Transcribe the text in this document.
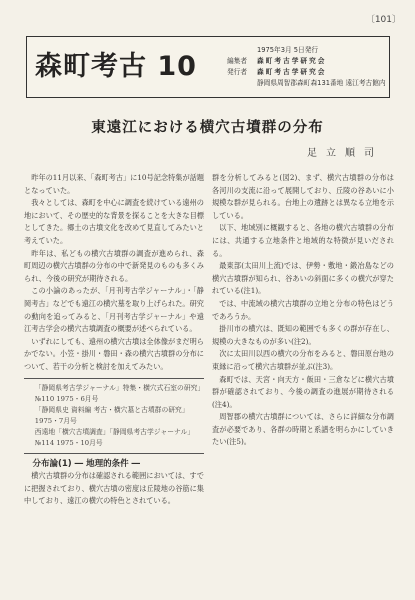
〔101〕
森町考古 10
1975年3月 5日発行
編集者 森町考古学研究会
発行者 森町考古学研究会
静岡県周智郡森町森131番地 遠江考古館内
東遠江における横穴古墳群の分布
足立順司

昨年の11月以来、「森町考古」に10号記念特集が話題となっていた。

我々としては、森町を中心に調査を続けている遠州の地において、その歴史的な背景を探ることを大きな目標としてきた。郷土の古墳文化を改めて見直してみたいと考えていた。

昨年は、私どもの横穴古墳群の調査が進められ、森町周辺の横穴古墳群の分布の中で新発見のものも多くみられ、今後の研究が期待される。

この小論のあったが、「月刊考古学ジャーナル」・「静岡考古」などでも遠江の横穴墓を取り上げられた。研究の動向を追ってみると、「月刊考古学ジャーナル」や遠江考古学会の横穴古墳調査の概要が述べられている。

いずれにしても、遠州の横穴古墳は全体像がまだ明らかでない。小笠・掛川・磐田・森の横穴古墳群の分布について、若干の分析と検討を加えてみたい。

「静岡県考古学ジャーナル」特集・横穴式石室の研究」

№110 1975・6月号

「静岡県史 資料編 考古・横穴墓と古墳群の研究」

1975・7月号

西遠地「横穴古墳調査」「静岡県考古学ジャーナル」

№114 1975・10月号

分布論(1) ― 地理的条件 ―

横穴古墳群の分布は確認される範囲においては、すでに把握されており、横穴古墳の密度は丘陵地の谷筋に集中しており、遠江の横穴の特色とされている。

群を分析してみると(図2)、まず、横穴古墳群の分布は各河川の支流に沿って展開しており、丘陵の谷あいに小規模な群が見られる。台地上の遺跡とは異なる立地を示している。

以下、地域別に概観すると、各地の横穴古墳群の分布には、共通する立地条件と地域的な特徴が見いだされる。

最東部(太田川上流)では、伊勢・敷地・鍛冶島などの横穴古墳群が知られ、谷あいの斜面に多くの横穴が穿たれている(注1)。

では、中流域の横穴古墳群の立地と分布の特色はどうであろうか。

掛川市の横穴は、既知の範囲でも多くの群が存在し、規模の大きなものが多い(注2)。

次に太田川以西の横穴の分布をみると、磐田原台地の東縁に沿って横穴古墳群が並ぶ(注3)。

森町では、天宮・向天方・飯田・三倉などに横穴古墳群が確認されており、今後の調査の進展が期待される(注4)。

周智郡の横穴古墳群については、さらに詳細な分布調査が必要であり、各群の時期と系譜を明らかにしていきたい(注5)。
